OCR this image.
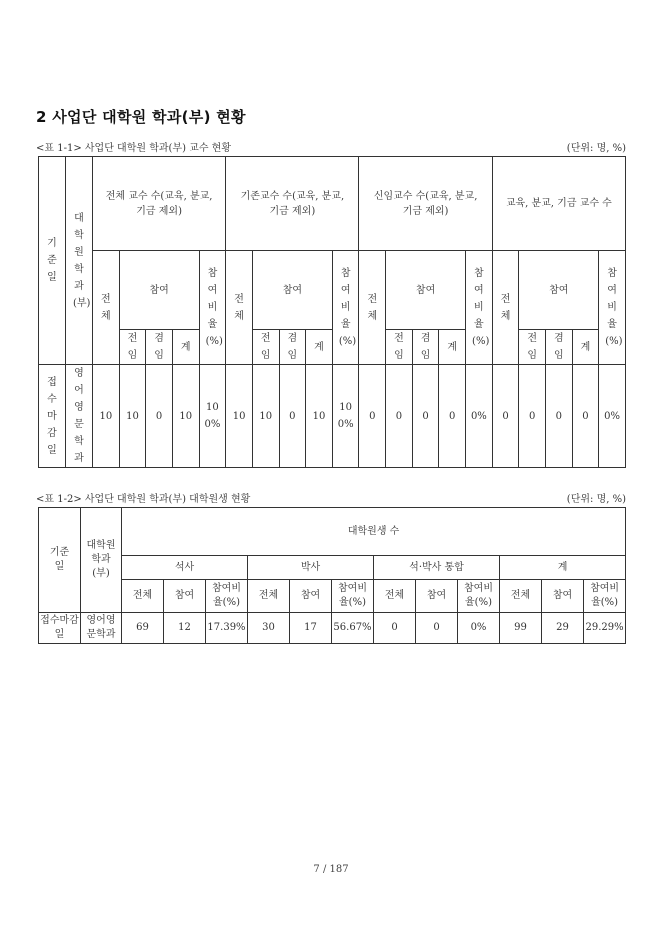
2 사업단 대학원 학과(부) 현황
<표 1-1> 사업단 대학원 학과(부) 교수 현황	(단위: 명, %)
기준일	대학원학과(부)	전체 교수 수(교육, 분교, 기금 제외)					기존교수 수(교육, 분교, 기금 제외)					신임교수 수(교육, 분교, 기금 제외)					교육, 분교, 기금 교수 수				
		전체	참여			참여비율(%)	전체	참여			참여비율(%)	전체	참여			참여비율(%)	전체	참여			참여비율(%)
			전임	겸임	계			전임	겸임	계			전임	겸임	계			전임	겸임	계	
접수마감일	영어영문학과	10	10	0	10	100%	10	10	0	10	100%	0	0	0	0	0%	0	0	0	0	0%
<표 1-2> 사업단 대학원 학과(부) 대학원생 현황	(단위: 명, %)
기준일	대학원학과(부)	대학원생 수											
		석사			박사			석·박사 통합			계		
		전체	참여	참여비율(%)	전체	참여	참여비율(%)	전체	참여	참여비율(%)	전체	참여	참여비율(%)
접수마감일	영어영문학과	69	12	17.39%	30	17	56.67%	0	0	0%	99	29	29.29%
7 / 187
